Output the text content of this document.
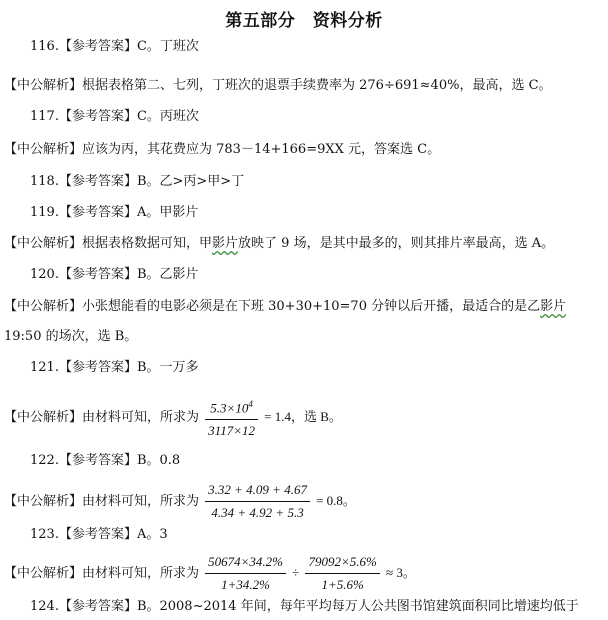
第五部分　资料分析
116.【参考答案】C。丁班次
【中公解析】根据表格第二、七列，丁班次的退票手续费率为 276÷691≈40%，最高，选 C。
117.【参考答案】C。丙班次
【中公解析】应该为丙，其花费应为 783－14+166=9XX 元，答案选 C。
118.【参考答案】B。乙>丙>甲>丁
119.【参考答案】A。甲影片
【中公解析】根据表格数据可知，甲影片放映了 9 场，是其中最多的，则其排片率最高，选 A。
120.【参考答案】B。乙影片
【中公解析】小张想能看的电影必须是在下班 30+30+10=70 分钟以后开播，最适合的是乙影片
19:50 的场次，选 B。
121.【参考答案】B。一万多
【中公解析】由材料可知，所求为 $\frac{5.3\times 10^4}{3117\times 12} = 1.4$，选 B。
122.【参考答案】B。0.8
【中公解析】由材料可知，所求为 $\frac{3.32 + 4.09 + 4.67}{4.34 + 4.92 + 5.3} = 0.8$。
123.【参考答案】A。3
【中公解析】由材料可知，所求为 $\frac{50674\times 34.2\%}{1+34.2\%} \div \frac{79092\times 5.6\%}{1+5.6\%} \approx 3$。
124.【参考答案】B。2008~2014 年间，每年平均每万人公共图书馆建筑面积同比增速均低于
